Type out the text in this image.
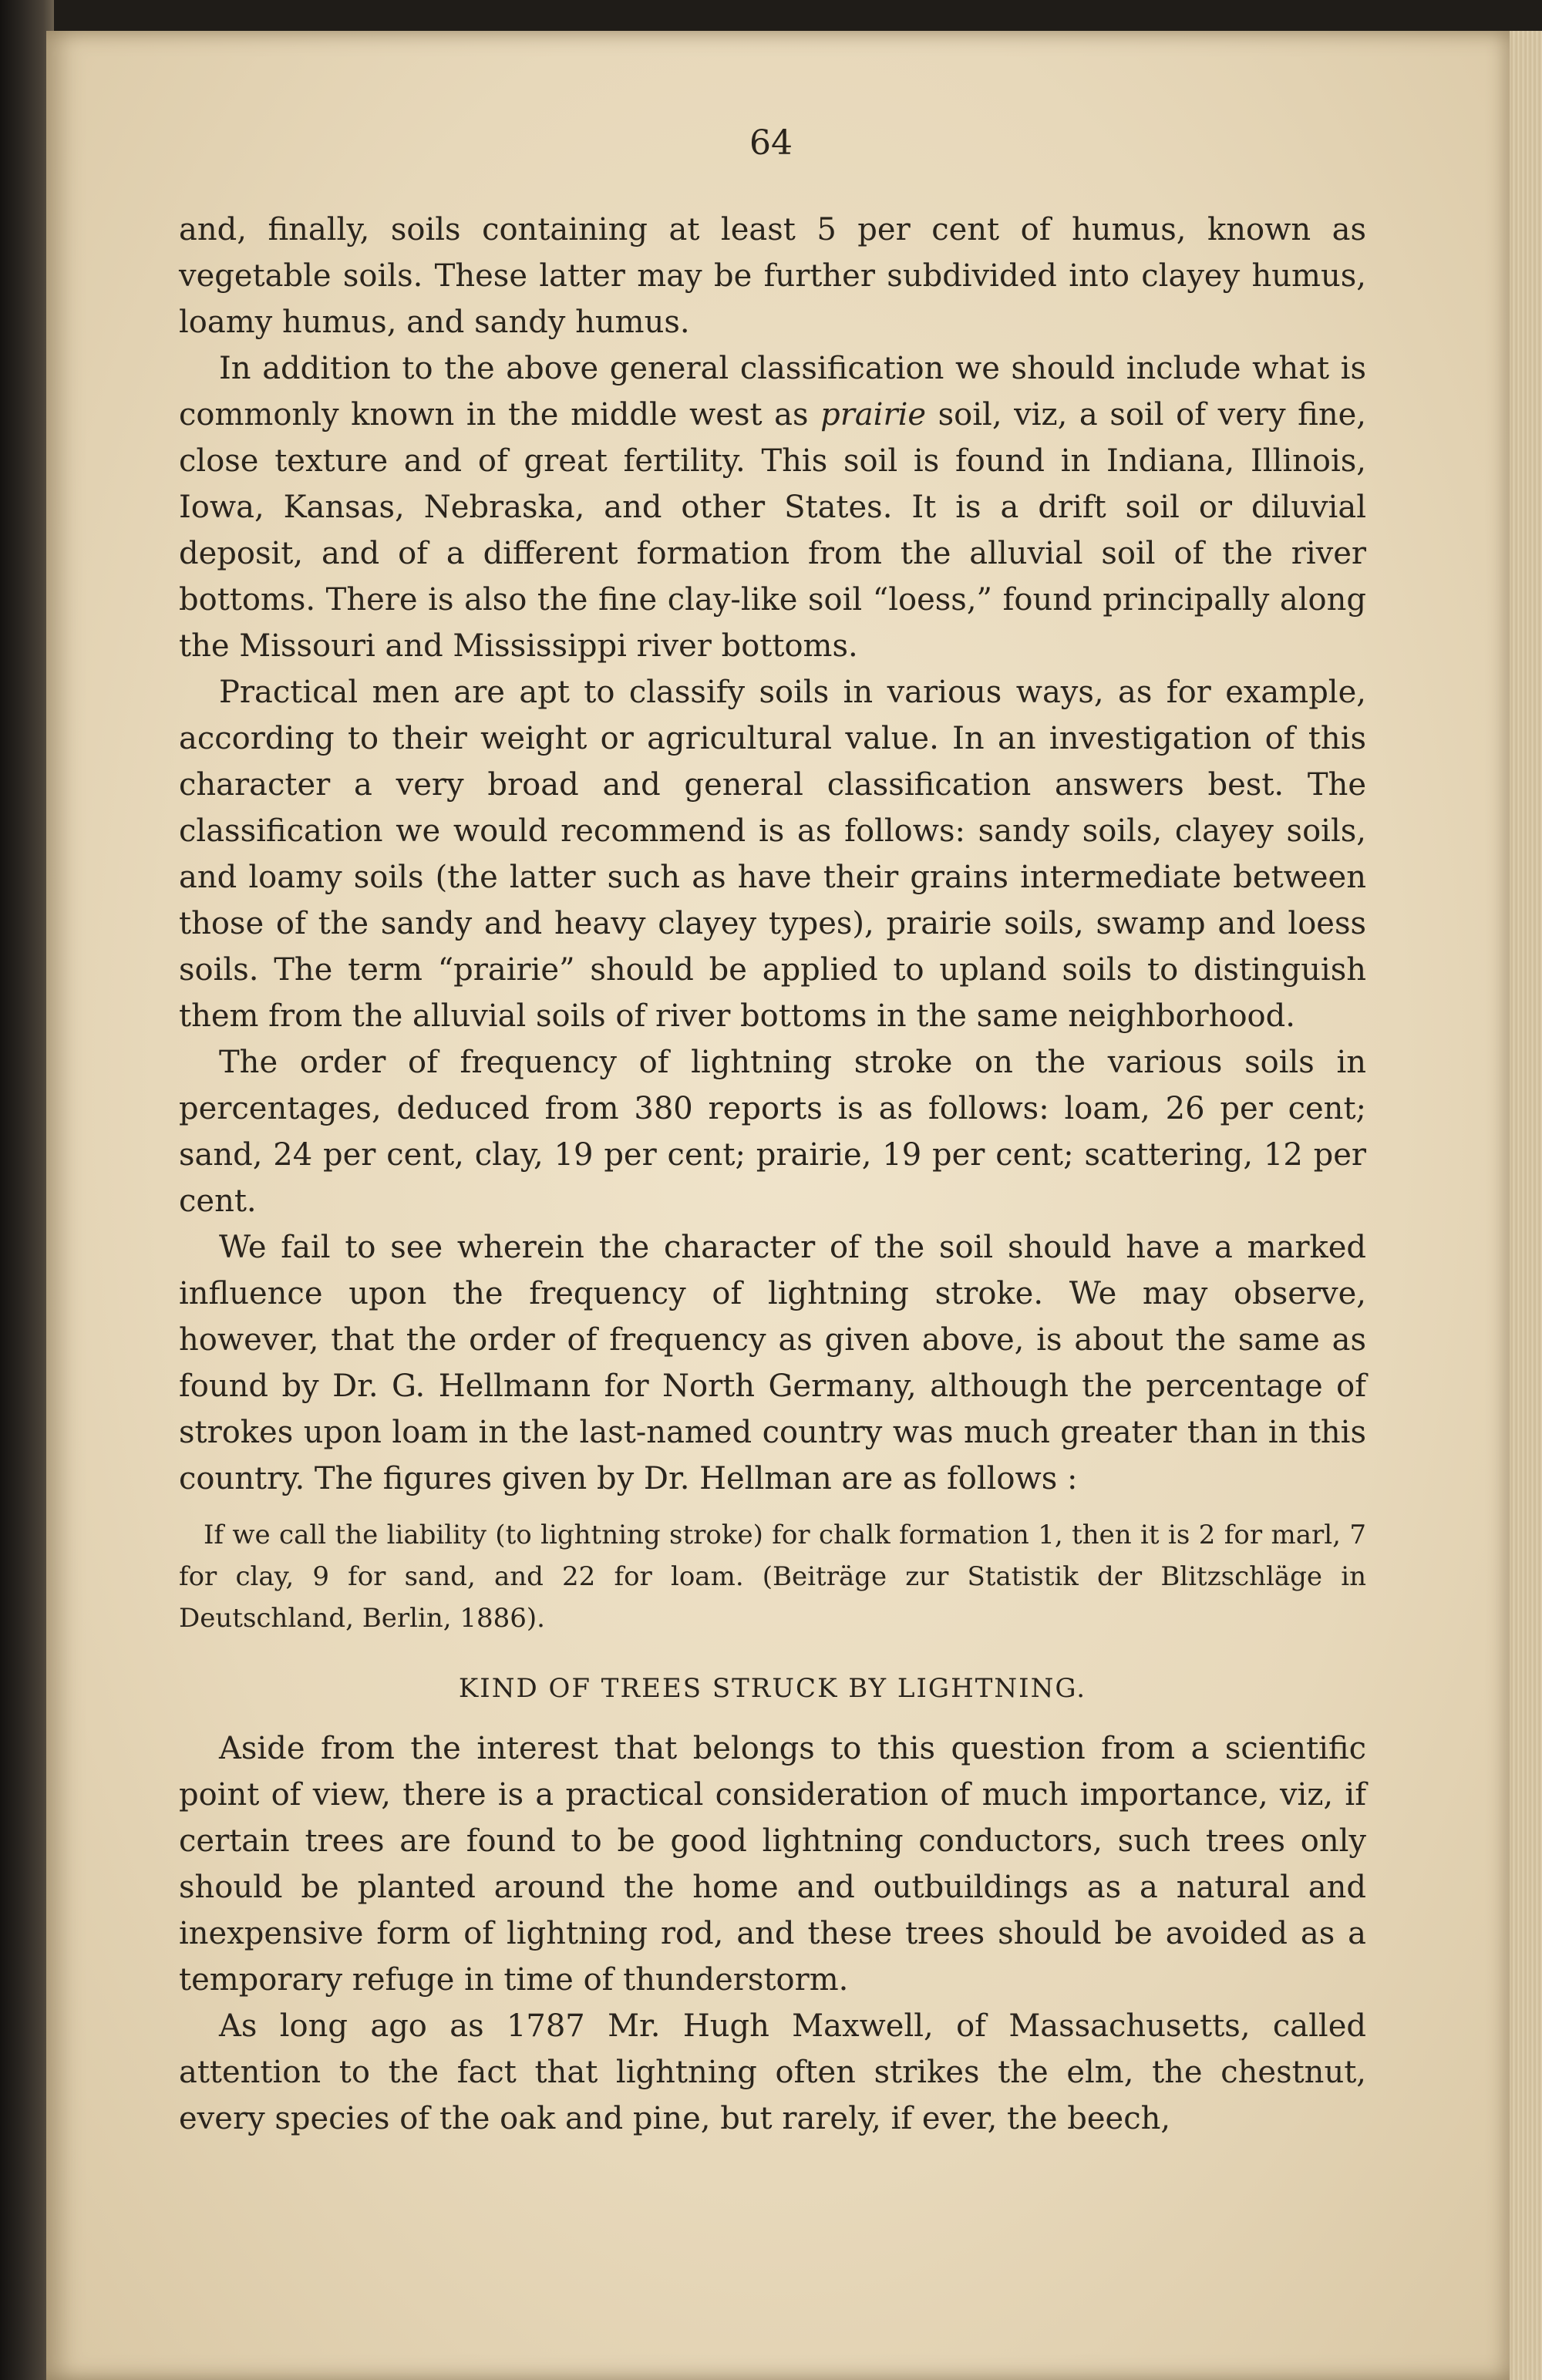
64

and, finally, soils containing at least 5 per cent of humus, known as vegetable soils. These latter may be further subdivided into clayey humus, loamy humus, and sandy humus.

In addition to the above general classification we should include what is commonly known in the middle west as prairie soil, viz, a soil of very fine, close texture and of great fertility. This soil is found in Indiana, Illinois, Iowa, Kansas, Nebraska, and other States. It is a drift soil or diluvial deposit, and of a different formation from the alluvial soil of the river bottoms. There is also the fine clay-like soil “loess,” found principally along the Missouri and Mississippi river bottoms.

Practical men are apt to classify soils in various ways, as for example, according to their weight or agricultural value. In an investigation of this character a very broad and general classification answers best. The classification we would recommend is as follows: sandy soils, clayey soils, and loamy soils (the latter such as have their grains intermediate between those of the sandy and heavy clayey types), prairie soils, swamp and loess soils. The term “prairie” should be applied to upland soils to distinguish them from the alluvial soils of river bottoms in the same neighborhood.

The order of frequency of lightning stroke on the various soils in percentages, deduced from 380 reports is as follows: loam, 26 per cent; sand, 24 per cent, clay, 19 per cent; prairie, 19 per cent; scattering, 12 per cent.

We fail to see wherein the character of the soil should have a marked influence upon the frequency of lightning stroke. We may observe, however, that the order of frequency as given above, is about the same as found by Dr. G. Hellmann for North Germany, although the percentage of strokes upon loam in the last-named country was much greater than in this country. The figures given by Dr. Hellman are as follows :

If we call the liability (to lightning stroke) for chalk formation 1, then it is 2 for marl, 7 for clay, 9 for sand, and 22 for loam. (Beiträge zur Statistik der Blitzschläge in Deutschland, Berlin, 1886).

KIND OF TREES STRUCK BY LIGHTNING.

Aside from the interest that belongs to this question from a scientific point of view, there is a practical consideration of much importance, viz, if certain trees are found to be good lightning conductors, such trees only should be planted around the home and outbuildings as a natural and inexpensive form of lightning rod, and these trees should be avoided as a temporary refuge in time of thunderstorm.

As long ago as 1787 Mr. Hugh Maxwell, of Massachusetts, called attention to the fact that lightning often strikes the elm, the chestnut, every species of the oak and pine, but rarely, if ever, the beech,
